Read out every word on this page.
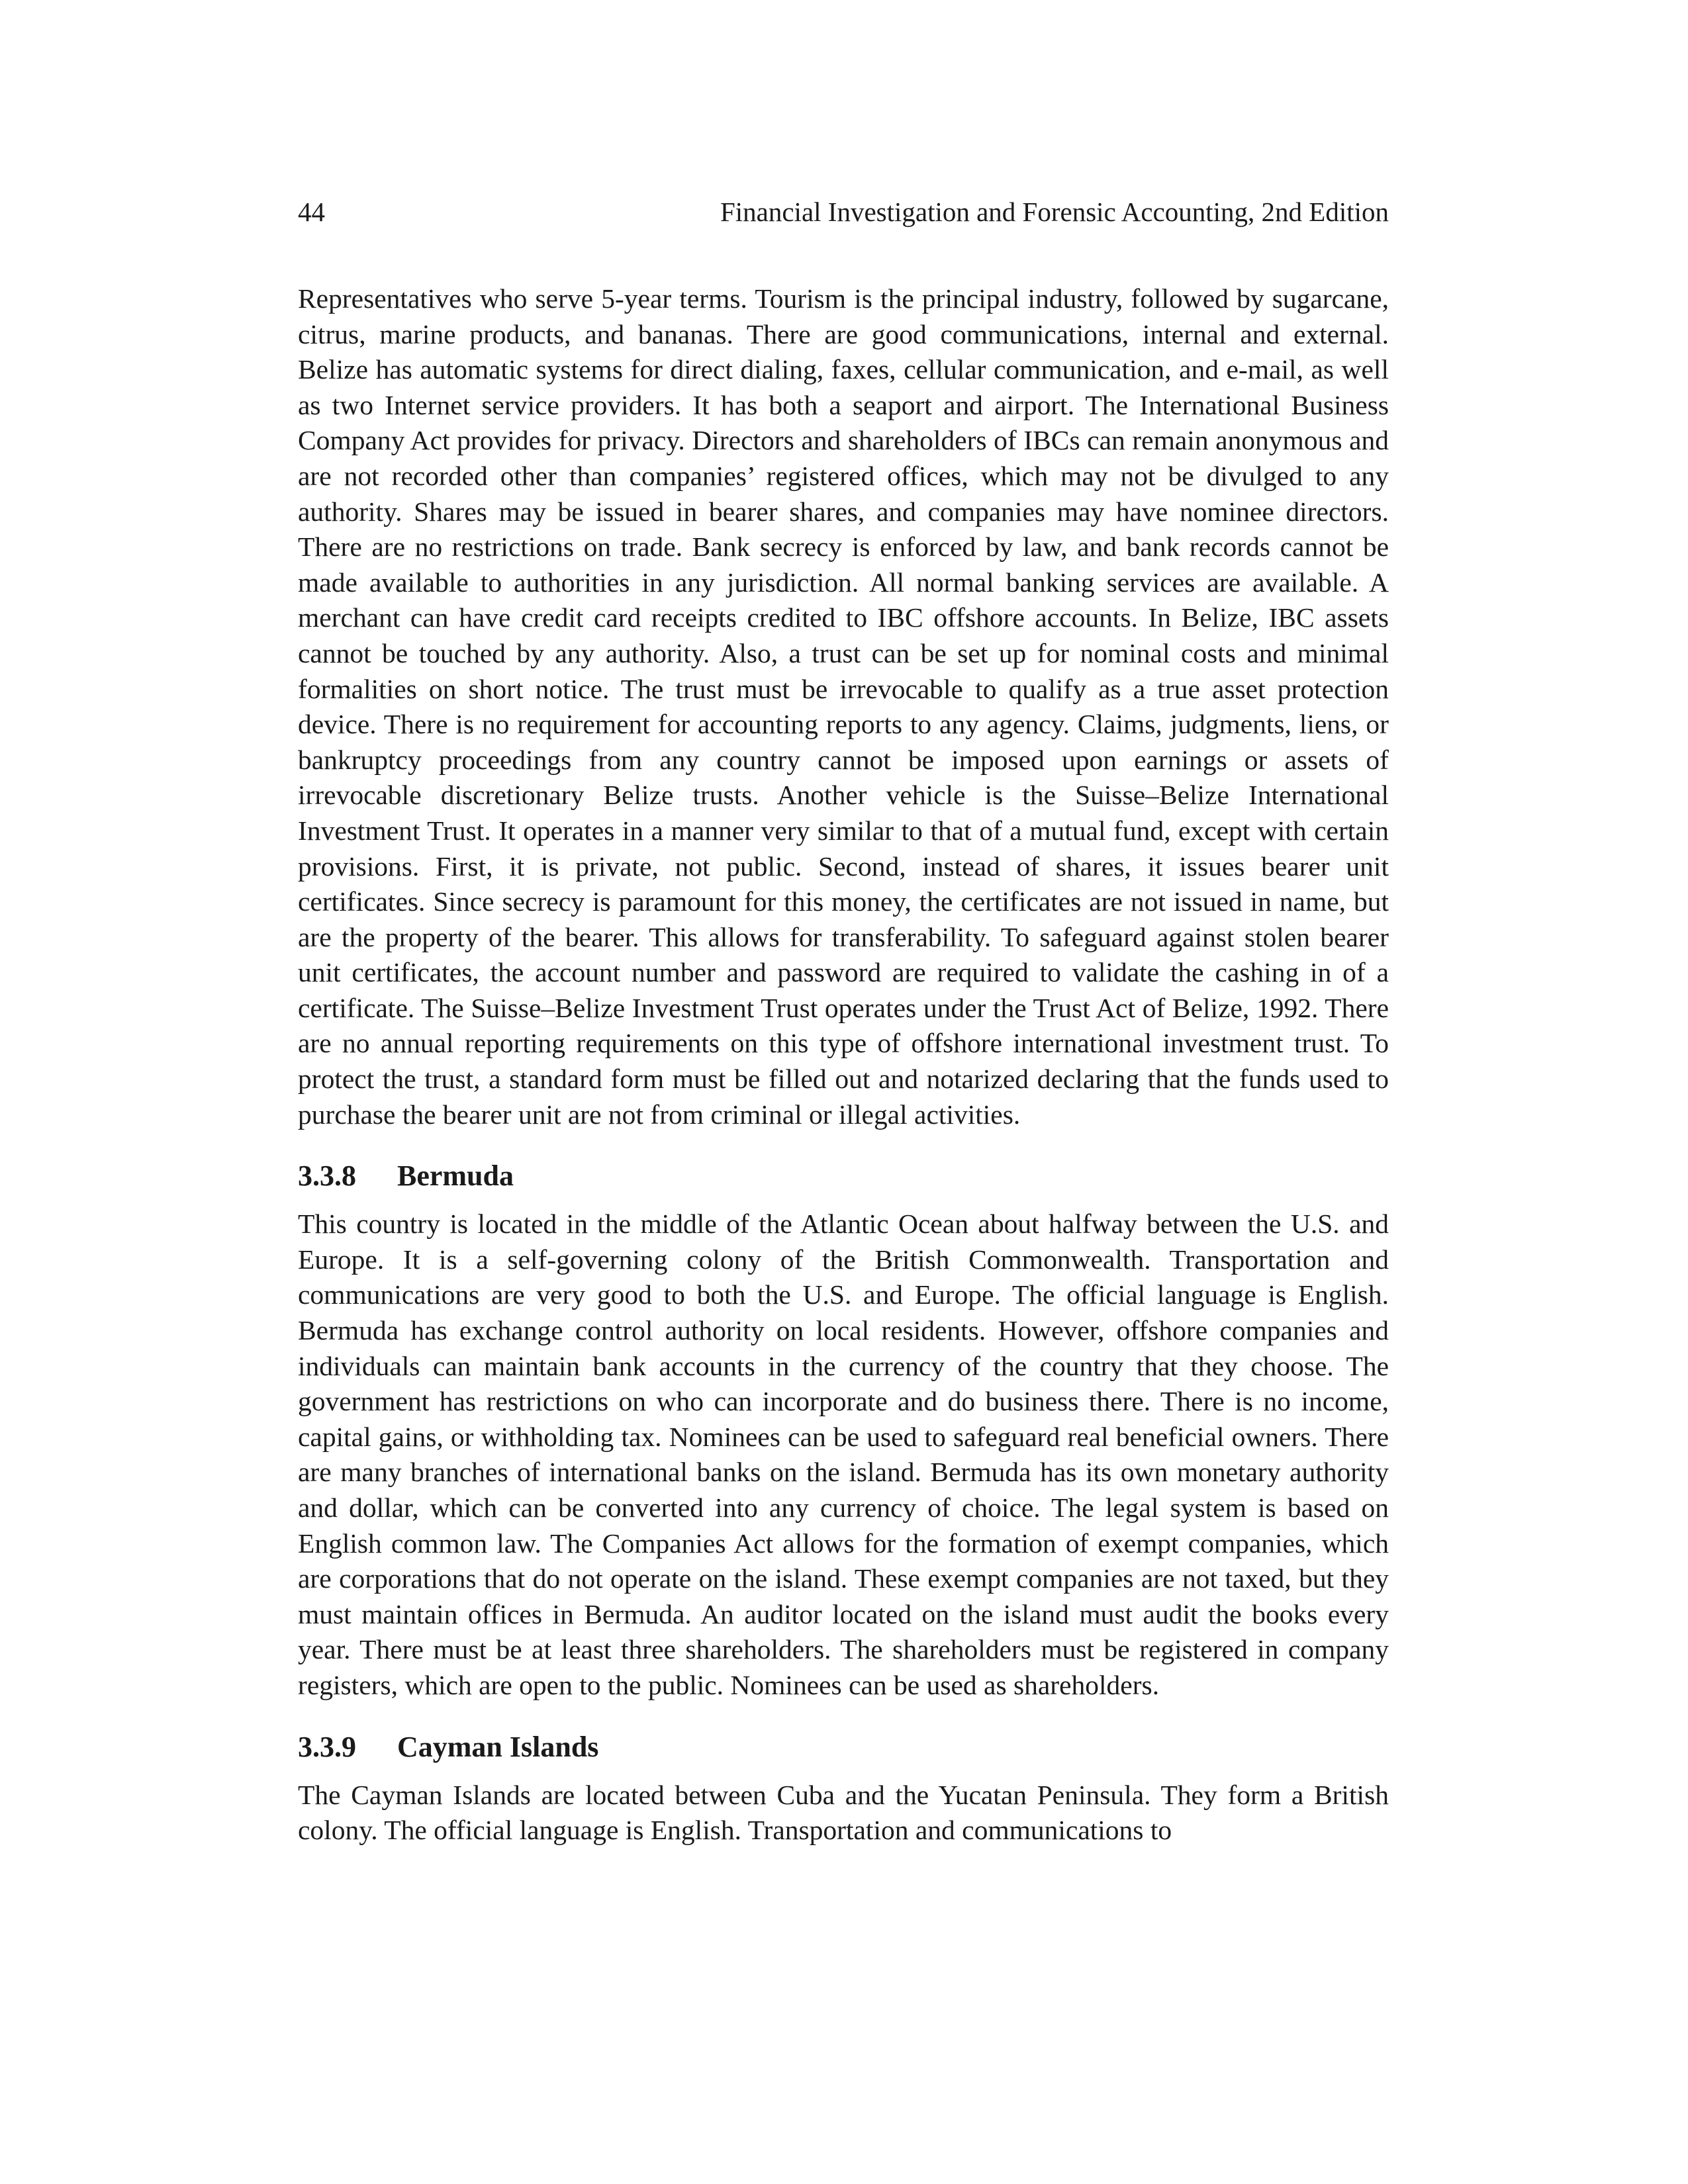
44	Financial Investigation and Forensic Accounting, 2nd Edition

Representatives who serve 5-year terms. Tourism is the principal industry, followed by sugarcane, citrus, marine products, and bananas. There are good communications, internal and external. Belize has automatic systems for direct dialing, faxes, cellular communication, and e-mail, as well as two Internet service providers. It has both a seaport and airport. The International Business Company Act provides for privacy. Directors and shareholders of IBCs can remain anonymous and are not recorded other than companies’ registered offices, which may not be divulged to any authority. Shares may be issued in bearer shares, and companies may have nominee directors. There are no restrictions on trade. Bank secrecy is enforced by law, and bank records cannot be made available to authorities in any jurisdiction. All normal banking services are available. A merchant can have credit card receipts credited to IBC offshore accounts. In Belize, IBC assets cannot be touched by any authority. Also, a trust can be set up for nominal costs and minimal formalities on short notice. The trust must be irrevocable to qualify as a true asset protection device. There is no requirement for accounting reports to any agency. Claims, judgments, liens, or bankruptcy proceedings from any country cannot be imposed upon earnings or assets of irrevocable discretionary Belize trusts. Another vehicle is the Suisse–Belize International Investment Trust. It operates in a manner very similar to that of a mutual fund, except with certain provisions. First, it is private, not public. Second, instead of shares, it issues bearer unit certificates. Since secrecy is paramount for this money, the certificates are not issued in name, but are the property of the bearer. This allows for transferability. To safeguard against stolen bearer unit certificates, the account number and password are required to validate the cashing in of a certificate. The Suisse–Belize Investment Trust operates under the Trust Act of Belize, 1992. There are no annual reporting requirements on this type of offshore international investment trust. To protect the trust, a standard form must be filled out and notarized declaring that the funds used to purchase the bearer unit are not from criminal or illegal activities.

3.3.8 Bermuda

This country is located in the middle of the Atlantic Ocean about halfway between the U.S. and Europe. It is a self-governing colony of the British Commonwealth. Transportation and communications are very good to both the U.S. and Europe. The official language is English. Bermuda has exchange control authority on local residents. However, offshore companies and individuals can maintain bank accounts in the currency of the country that they choose. The government has restrictions on who can incorporate and do business there. There is no income, capital gains, or withholding tax. Nominees can be used to safeguard real beneficial owners. There are many branches of international banks on the island. Bermuda has its own monetary authority and dollar, which can be converted into any currency of choice. The legal system is based on English common law. The Companies Act allows for the formation of exempt companies, which are corporations that do not operate on the island. These exempt companies are not taxed, but they must maintain offices in Bermuda. An auditor located on the island must audit the books every year. There must be at least three shareholders. The shareholders must be registered in company registers, which are open to the public. Nominees can be used as shareholders.

3.3.9 Cayman Islands

The Cayman Islands are located between Cuba and the Yucatan Peninsula. They form a British colony. The official language is English. Transportation and communications to
